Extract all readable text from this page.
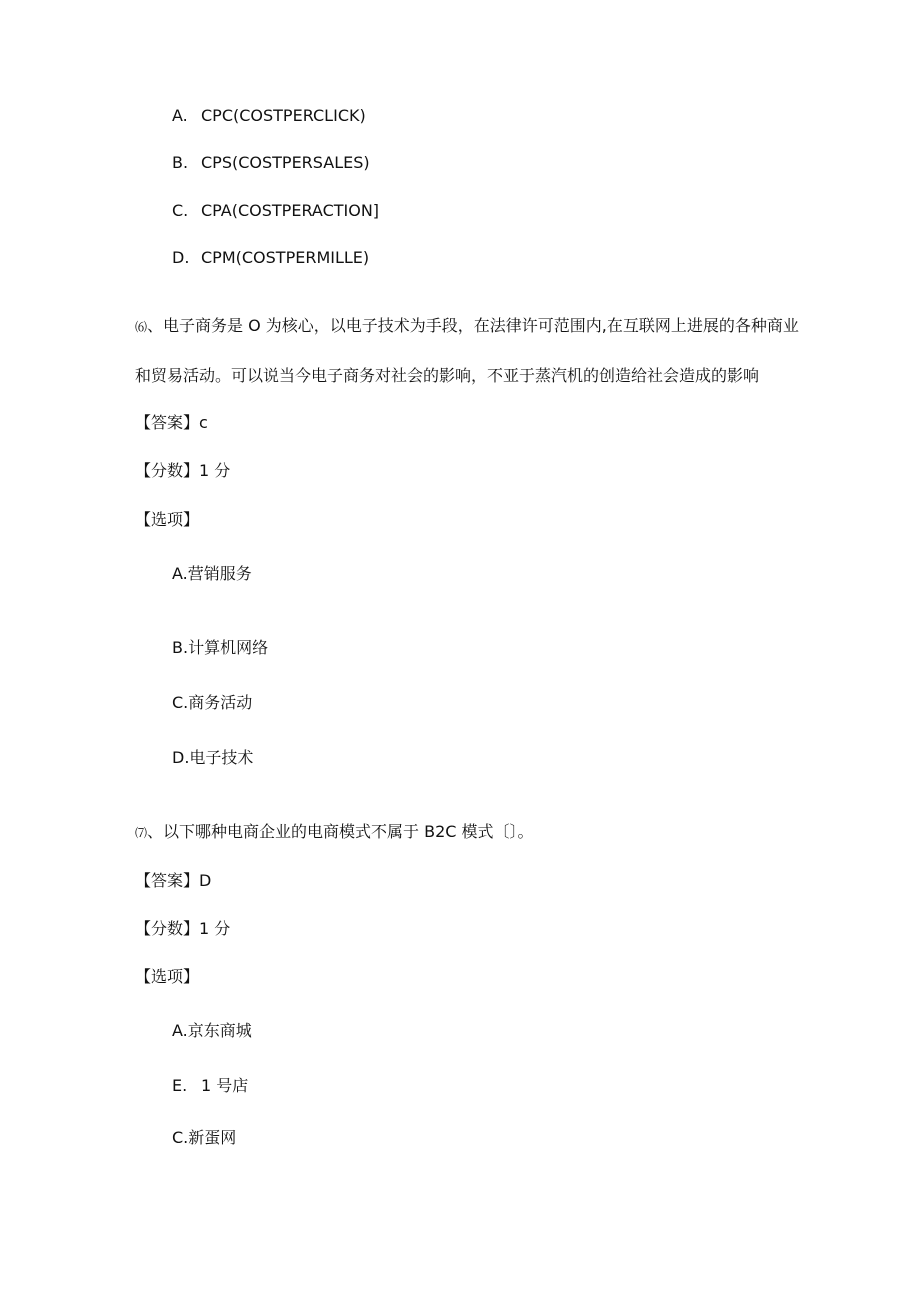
A. CPC(COSTPERCLICK)
B. CPS(COSTPERSALES)
C. CPA(COSTPERACTION]
D. CPM(COSTPERMILLE)
⑹、电子商务是 O 为核心，以电子技术为手段，在法律许可范围内,在互联网上进展的各种商业
和贸易活动。可以说当今电子商务对社会的影响，不亚于蒸汽机的创造给社会造成的影响
【答案】c
【分数】1 分
【选项】
A.营销服务
B.计算机网络
C.商务活动
D.电子技术
⑺、以下哪种电商企业的电商模式不属于 B2C 模式〔〕。
【答案】D
【分数】1 分
【选项】
A.京东商城
E. 1 号店
C.新蛋网
